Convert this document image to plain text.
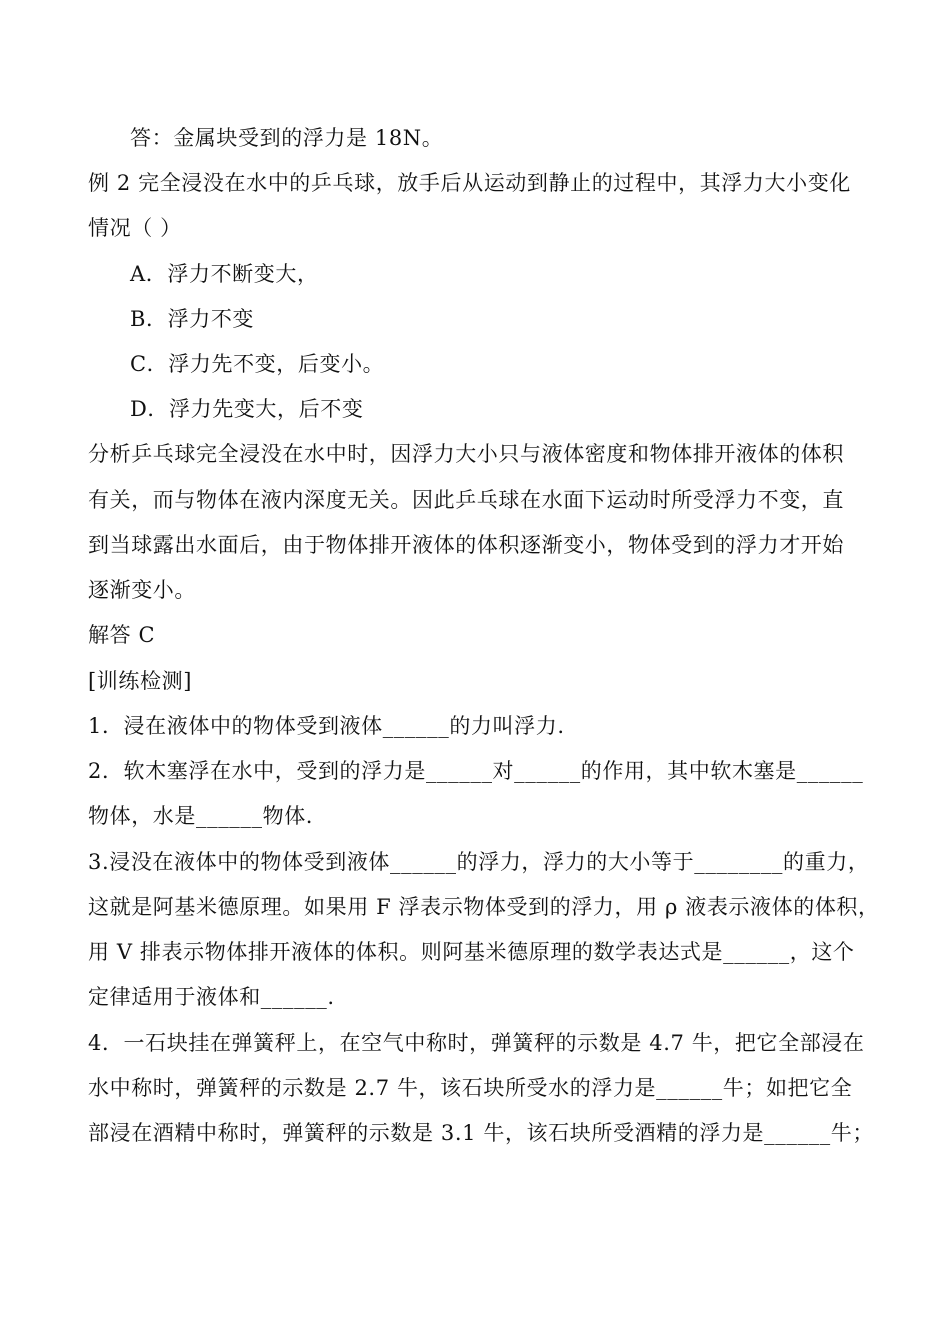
答：金属块受到的浮力是 18N。
例 2 完全浸没在水中的乒乓球，放手后从运动到静止的过程中，其浮力大小变化
情况（ ）
A．浮力不断变大，
B．浮力不变
C．浮力先不变，后变小。
D．浮力先变大，后不变
分析乒乓球完全浸没在水中时，因浮力大小只与液体密度和物体排开液体的体积
有关，而与物体在液内深度无关。因此乒乓球在水面下运动时所受浮力不变，直
到当球露出水面后，由于物体排开液体的体积逐渐变小，物体受到的浮力才开始
逐渐变小。
解答 C
[训练检测]
1．浸在液体中的物体受到液体______的力叫浮力.
2．软木塞浮在水中，受到的浮力是______对______的作用，其中软木塞是______
物体，水是______物体.
3.浸没在液体中的物体受到液体______的浮力，浮力的大小等于________的重力，
这就是阿基米德原理。如果用 F 浮表示物体受到的浮力，用 ρ 液表示液体的体积，
用 V 排表示物体排开液体的体积。则阿基米德原理的数学表达式是______，这个
定律适用于液体和______.
4．一石块挂在弹簧秤上，在空气中称时，弹簧秤的示数是 4.7 牛，把它全部浸在
水中称时，弹簧秤的示数是 2.7 牛，该石块所受水的浮力是______牛；如把它全
部浸在酒精中称时，弹簧秤的示数是 3.1 牛，该石块所受酒精的浮力是______牛；
